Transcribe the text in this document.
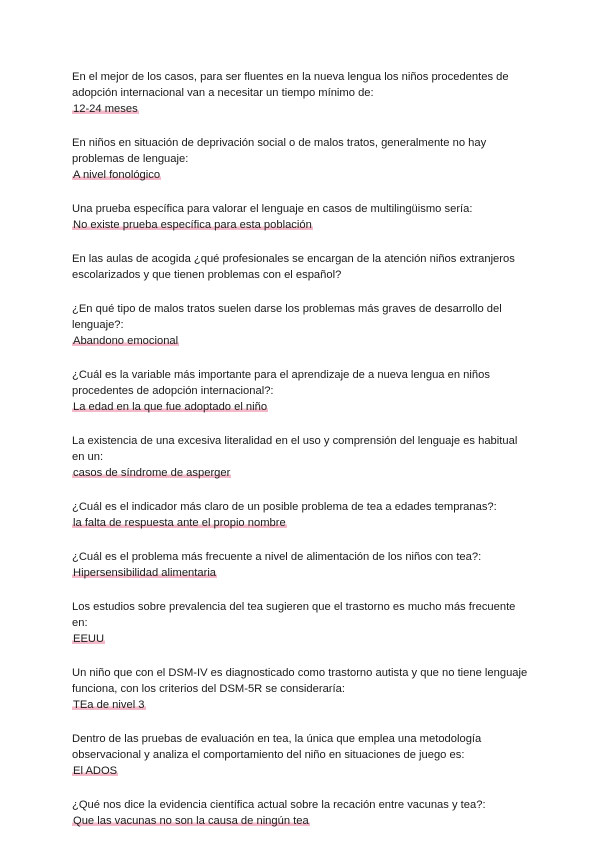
En el mejor de los casos, para ser fluentes en la nueva lengua los niños procedentes de
adopción internacional van a necesitar un tiempo mínimo de:
12-24 meses
En niños en situación de deprivación social o de malos tratos, generalmente no hay
problemas de lenguaje:
A nivel fonológico
Una prueba específica para valorar el lenguaje en casos de multilingüismo sería:
No existe prueba específica para esta población
En las aulas de acogida ¿qué profesionales se encargan de la atención niños extranjeros
escolarizados y que tienen problemas con el español?
¿En qué tipo de malos tratos suelen darse los problemas más graves de desarrollo del
lenguaje?:
Abandono emocional
¿Cuál es la variable más importante para el aprendizaje de a nueva lengua en niños
procedentes de adopción internacional?:
La edad en la que fue adoptado el niño
La existencia de una excesiva literalidad en el uso y comprensión del lenguaje es habitual
en un:
casos de síndrome de asperger
¿Cuál es el indicador más claro de un posible problema de tea a edades tempranas?:
la falta de respuesta ante el propio nombre
¿Cuál es el problema más frecuente a nivel de alimentación de los niños con tea?:
Hipersensibilidad alimentaria
Los estudios sobre prevalencia del tea sugieren que el trastorno es mucho más frecuente
en:
EEUU
Un niño que con el DSM-IV es diagnosticado como trastorno autista y que no tiene lenguaje
funciona, con los criterios del DSM-5R se consideraría:
TEa de nivel 3
Dentro de las pruebas de evaluación en tea, la única que emplea una metodología
observacional y analiza el comportamiento del niño en situaciones de juego es:
El ADOS
¿Qué nos dice la evidencia científica actual sobre la recación entre vacunas y tea?:
Que las vacunas no son la causa de ningún tea
